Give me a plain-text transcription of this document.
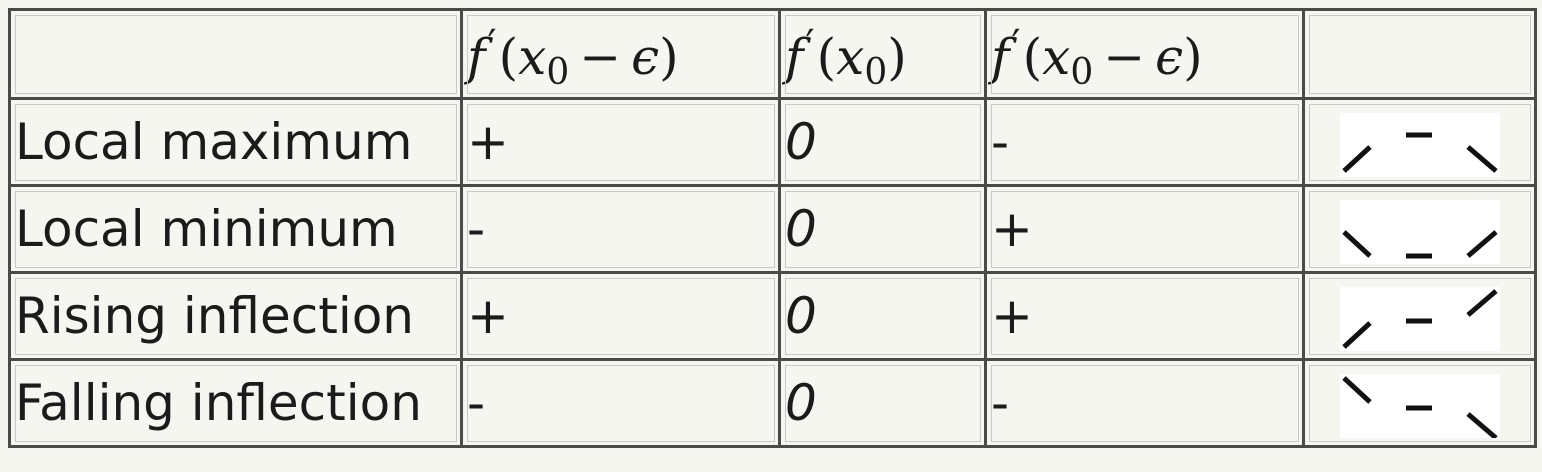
	$f'(x_0 - \epsilon)$	$f'(x_0)$	$f'(x_0 - \epsilon)$	
Local maximum	+	0	-	

Local minimum	-	0	+	

Rising inflection	+	0	+	

Falling inflection	-	0	-	
